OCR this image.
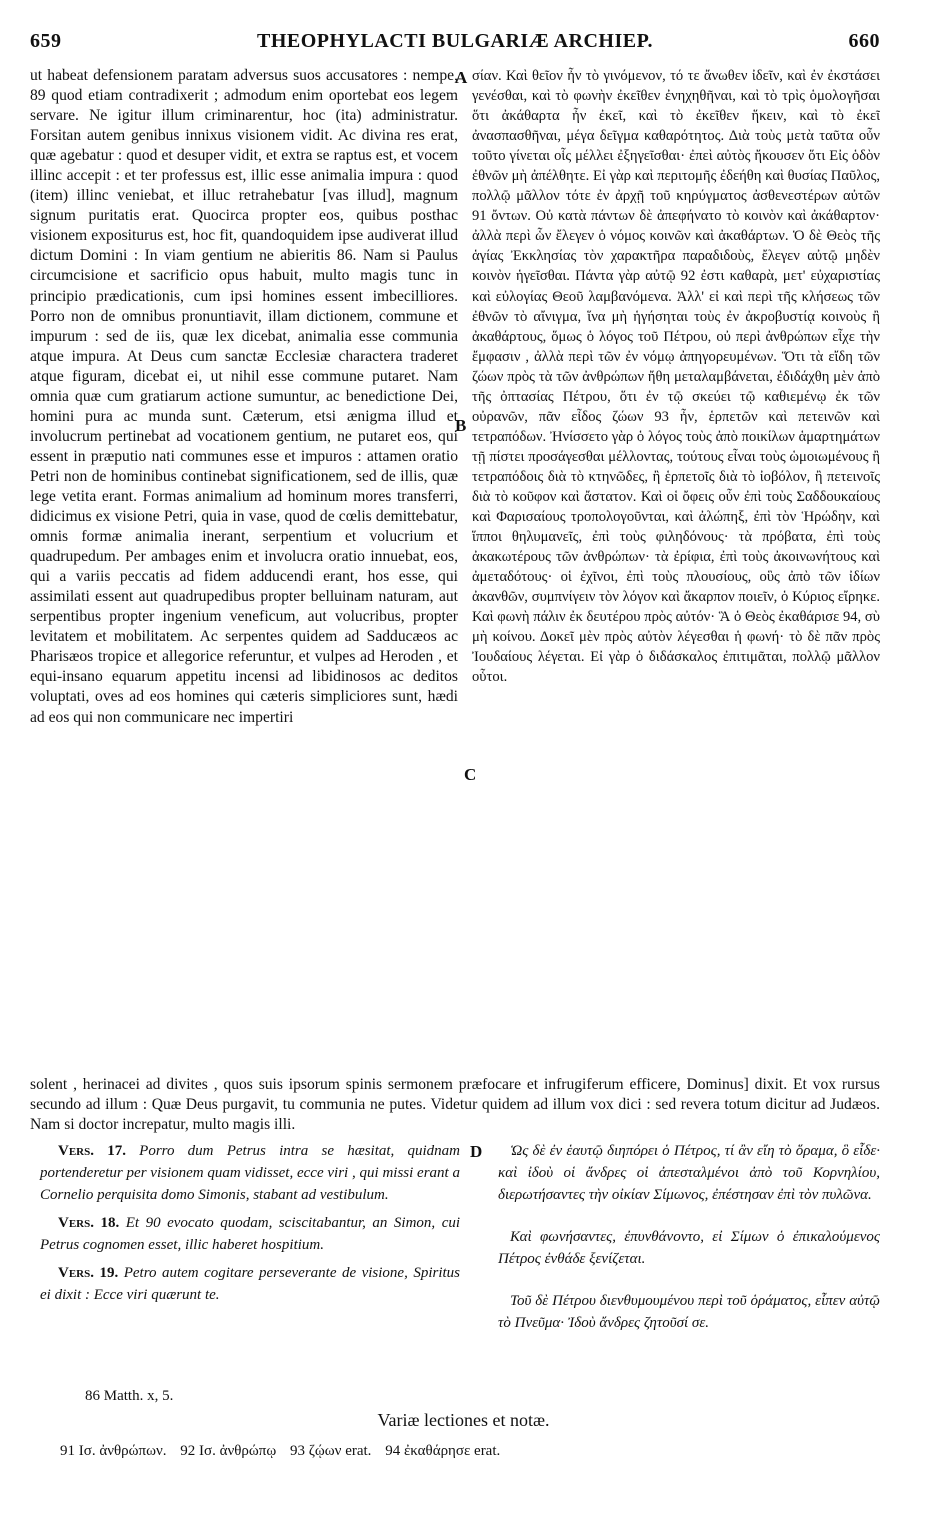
659	THEOPHYLACTI BULGARIÆ ARCHIEP.	660
ut habeat defensionem paratam adversus suos accusatores : nempe, 89 quod etiam contradixerit ; admodum enim oportebat eos legem servare. Ne igitur illum criminarentur, hoc (ita) administratur. Forsitan autem genibus innixus visionem vidit. Ac divina res erat, quæ agebatur : quod et desuper vidit, et extra se raptus est, et vocem illinc accepit : et ter professus est, illic esse animalia impura : quod (item) illinc veniebat, et illuc retrahebatur [vas illud], magnum signum puritatis erat. Quocirca propter eos, quibus posthac visionem expositurus est, hoc fit, quandoquidem ipse audiverat illud dictum Domini : In viam gentium ne abieritis 86. Nam si Paulus circumcisione et sacrificio opus habuit, multo magis tunc in principio prædicationis, cum ipsi homines essent imbecilliores. Porro non de omnibus pronuntiavit, illam dictionem, commune et impurum : sed de iis, quæ lex dicebat, animalia esse communia atque impura. At Deus cum sanctæ Ecclesiæ charactera traderet atque figuram, dicebat ei, ut nihil esse commune putaret. Nam omnia quæ cum gratiarum actione sumuntur, ac benedictione Dei, homini pura ac munda sunt. Cæterum, etsi ænigma illud et involucrum pertinebat ad vocationem gentium, ne putaret eos, qui essent in præputio nati communes esse et impuros : attamen oratio Petri non de hominibus continebat significationem, sed de illis, quæ lege vetita erant. Formas animalium ad hominum mores transferri, didicimus ex visione Petri, quia in vase, quod de cœlis demittebatur, omnis formæ animalia inerant, serpentium et volucrium et quadrupedum. Per ambages enim et involucra oratio innuebat, eos, qui a variis peccatis ad fidem adducendi erant, hos esse, qui assimilati essent aut quadrupedibus propter belluinam naturam, aut serpentibus propter ingenium veneficum, aut volucribus, propter levitatem et mobilitatem. Ac serpentes quidem ad Sadducæos ac Pharisæos tropice et allegorice referuntur, et vulpes ad Heroden , et equi-insano equarum appetitu incensi ad libidinosos ac deditos voluptati, oves ad eos homines qui cæteris simpliciores sunt, hædi ad eos qui non communicare nec impertiri
A
B
C
σίαν. Καὶ θεῖον ἦν τὸ γινόμενον, τό τε ἄνωθεν ἰδεῖν, καὶ ἐν ἐκστάσει γενέσθαι, καὶ τὸ φωνὴν ἐκεῖθεν ἐνηχηθῆναι, καὶ τὸ τρὶς ὁμολογῆσαι ὅτι ἀκάθαρτα ἦν ἐκεῖ, καὶ τὸ ἐκεῖθεν ἥκειν, καὶ τὸ ἐκεῖ ἀνασπασθῆναι, μέγα δεῖγμα καθαρότητος. Διὰ τοὺς μετὰ ταῦτα οὖν τοῦτο γίνεται οἷς μέλλει ἐξηγεῖσθαι· ἐπεὶ αὐτὸς ἤκουσεν ὅτι Εἰς ὁδὸν ἐθνῶν μὴ ἀπέλθητε. Εἰ γὰρ καὶ περιτομῆς ἐδεήθη καὶ θυσίας Παῦλος, πολλῷ μᾶλλον τότε ἐν ἀρχῇ τοῦ κηρύγματος ἀσθενεστέρων αὐτῶν 91 ὄντων. Οὐ κατὰ πάντων δὲ ἀπεφήνατο τὸ κοινὸν καὶ ἀκάθαρτον· ἀλλὰ περὶ ὧν ἔλεγεν ὁ νόμος κοινῶν καὶ ἀκαθάρτων. Ὁ δὲ Θεὸς τῆς ἁγίας Ἐκκλησίας τὸν χαρακτῆρα παραδιδοὺς, ἔλεγεν αὐτῷ μηδὲν κοινὸν ἡγεῖσθαι. Πάντα γὰρ αὐτῷ 92 ἐστι καθαρὰ, μετ' εὐχαριστίας καὶ εὐλογίας Θεοῦ λαμβανόμενα. Ἀλλ' εἰ καὶ περὶ τῆς κλήσεως τῶν ἐθνῶν τὸ αἴνιγμα, ἵνα μὴ ἡγήσηται τοὺς ἐν ἀκροβυστίᾳ κοινοὺς ἢ ἀκαθάρτους, ὅμως ὁ λόγος τοῦ Πέτρου, οὐ περὶ ἀνθρώπων εἶχε τὴν ἔμφασιν , ἀλλὰ περὶ τῶν ἐν νόμῳ ἀπηγορευμένων. Ὅτι τὰ εἴδη τῶν ζώων πρὸς τὰ τῶν ἀνθρώπων ἤθη μεταλαμβάνεται, ἐδιδάχθη μὲν ἀπὸ τῆς ὀπτασίας Πέτρου, ὅτι ἐν τῷ σκεύει τῷ καθιεμένῳ ἐκ τῶν οὐρανῶν, πᾶν εἶδος ζώων 93 ἦν, ἑρπετῶν καὶ πετεινῶν καὶ τετραπόδων. Ἠνίσσετο γὰρ ὁ λόγος τοὺς ἀπὸ ποικίλων ἁμαρτημάτων τῇ πίστει προσάγεσθαι μέλλοντας, τούτους εἶναι τοὺς ὡμοιωμένους ἢ τετραπόδοις διὰ τὸ κτηνῶδες, ἢ ἑρπετοῖς διὰ τὸ ἰοβόλον, ἢ πετεινοῖς διὰ τὸ κοῦφον καὶ ἄστατον. Καὶ οἱ ὄφεις οὖν ἐπὶ τοὺς Σαδδουκαίους καὶ Φαρισαίους τροπολογοῦνται, καὶ ἀλώπηξ, ἐπὶ τὸν Ἡρώδην, καὶ ἵπποι θηλυμανεῖς, ἐπὶ τοὺς φιληδόνους· τὰ πρόβατα, ἐπὶ τοὺς ἀκακωτέρους τῶν ἀνθρώπων· τὰ ἐρίφια, ἐπὶ τοὺς ἀκοινωνήτους καὶ ἀμεταδότους· οἱ ἐχῖνοι, ἐπὶ τοὺς πλουσίους, οὓς ἀπὸ τῶν ἰδίων ἀκανθῶν, συμπνίγειν τὸν λόγον καὶ ἄκαρπον ποιεῖν, ὁ Κύριος εἴρηκε. Καὶ φωνὴ πάλιν ἐκ δευτέρου πρὸς αὐτόν· Ἃ ὁ Θεὸς ἐκαθάρισε 94, σὺ μὴ κοίνου. Δοκεῖ μὲν πρὸς αὐτὸν λέγεσθαι ἡ φωνή· τὸ δὲ πᾶν πρὸς Ἰουδαίους λέγεται. Εἰ γὰρ ὁ διδάσκαλος ἐπιτιμᾶται, πολλῷ μᾶλλον οὗτοι.
solent , herinacei ad divites , quos suis ipsorum spinis sermonem præfocare et infrugiferum efficere, Dominus] dixit. Et vox rursus secundo ad illum : Quæ Deus purgavit, tu communia ne putes. Videtur quidem ad illum vox dici : sed revera totum dicitur ad Judæos. Nam si doctor increpatur, multo magis illi.
D

Vers. 17. Porro dum Petrus intra se hæsitat, quidnam portenderetur per visionem quam vidisset, ecce viri , qui missi erant a Cornelio perquisita domo Simonis, stabant ad vestibulum.

Vers. 18. Et 90 evocato quodam, sciscitabantur, an Simon, cui Petrus cognomen esset, illic haberet hospitium.

Vers. 19. Petro autem cogitare perseverante de visione, Spiritus ei dixit : Ecce viri quærunt te.

Ὡς δὲ ἐν ἑαυτῷ διηπόρει ὁ Πέτρος, τί ἂν εἴη τὸ ὅραμα, ὃ εἶδε· καὶ ἰδοὺ οἱ ἄνδρες οἱ ἀπεσταλμένοι ἀπὸ τοῦ Κορνηλίου, διερωτήσαντες τὴν οἰκίαν Σίμωνος, ἐπέστησαν ἐπὶ τὸν πυλῶνα.

Καὶ φωνήσαντες, ἐπυνθάνοντο, εἰ Σίμων ὁ ἐπικαλούμενος Πέτρος ἐνθάδε ξενίζεται.

Τοῦ δὲ Πέτρου διενθυμουμένου περὶ τοῦ ὁράματος, εἶπεν αὐτῷ τὸ Πνεῦμα· Ἰδοὺ ἄνδρες ζητοῦσί σε.

86 Matth. x, 5.
Variæ lectiones et notæ.
91 Ισ. ἀνθρώπων. 92 Ισ. ἀνθρώπῳ 93 ζῴων erat. 94 ἐκαθάρησε erat.
